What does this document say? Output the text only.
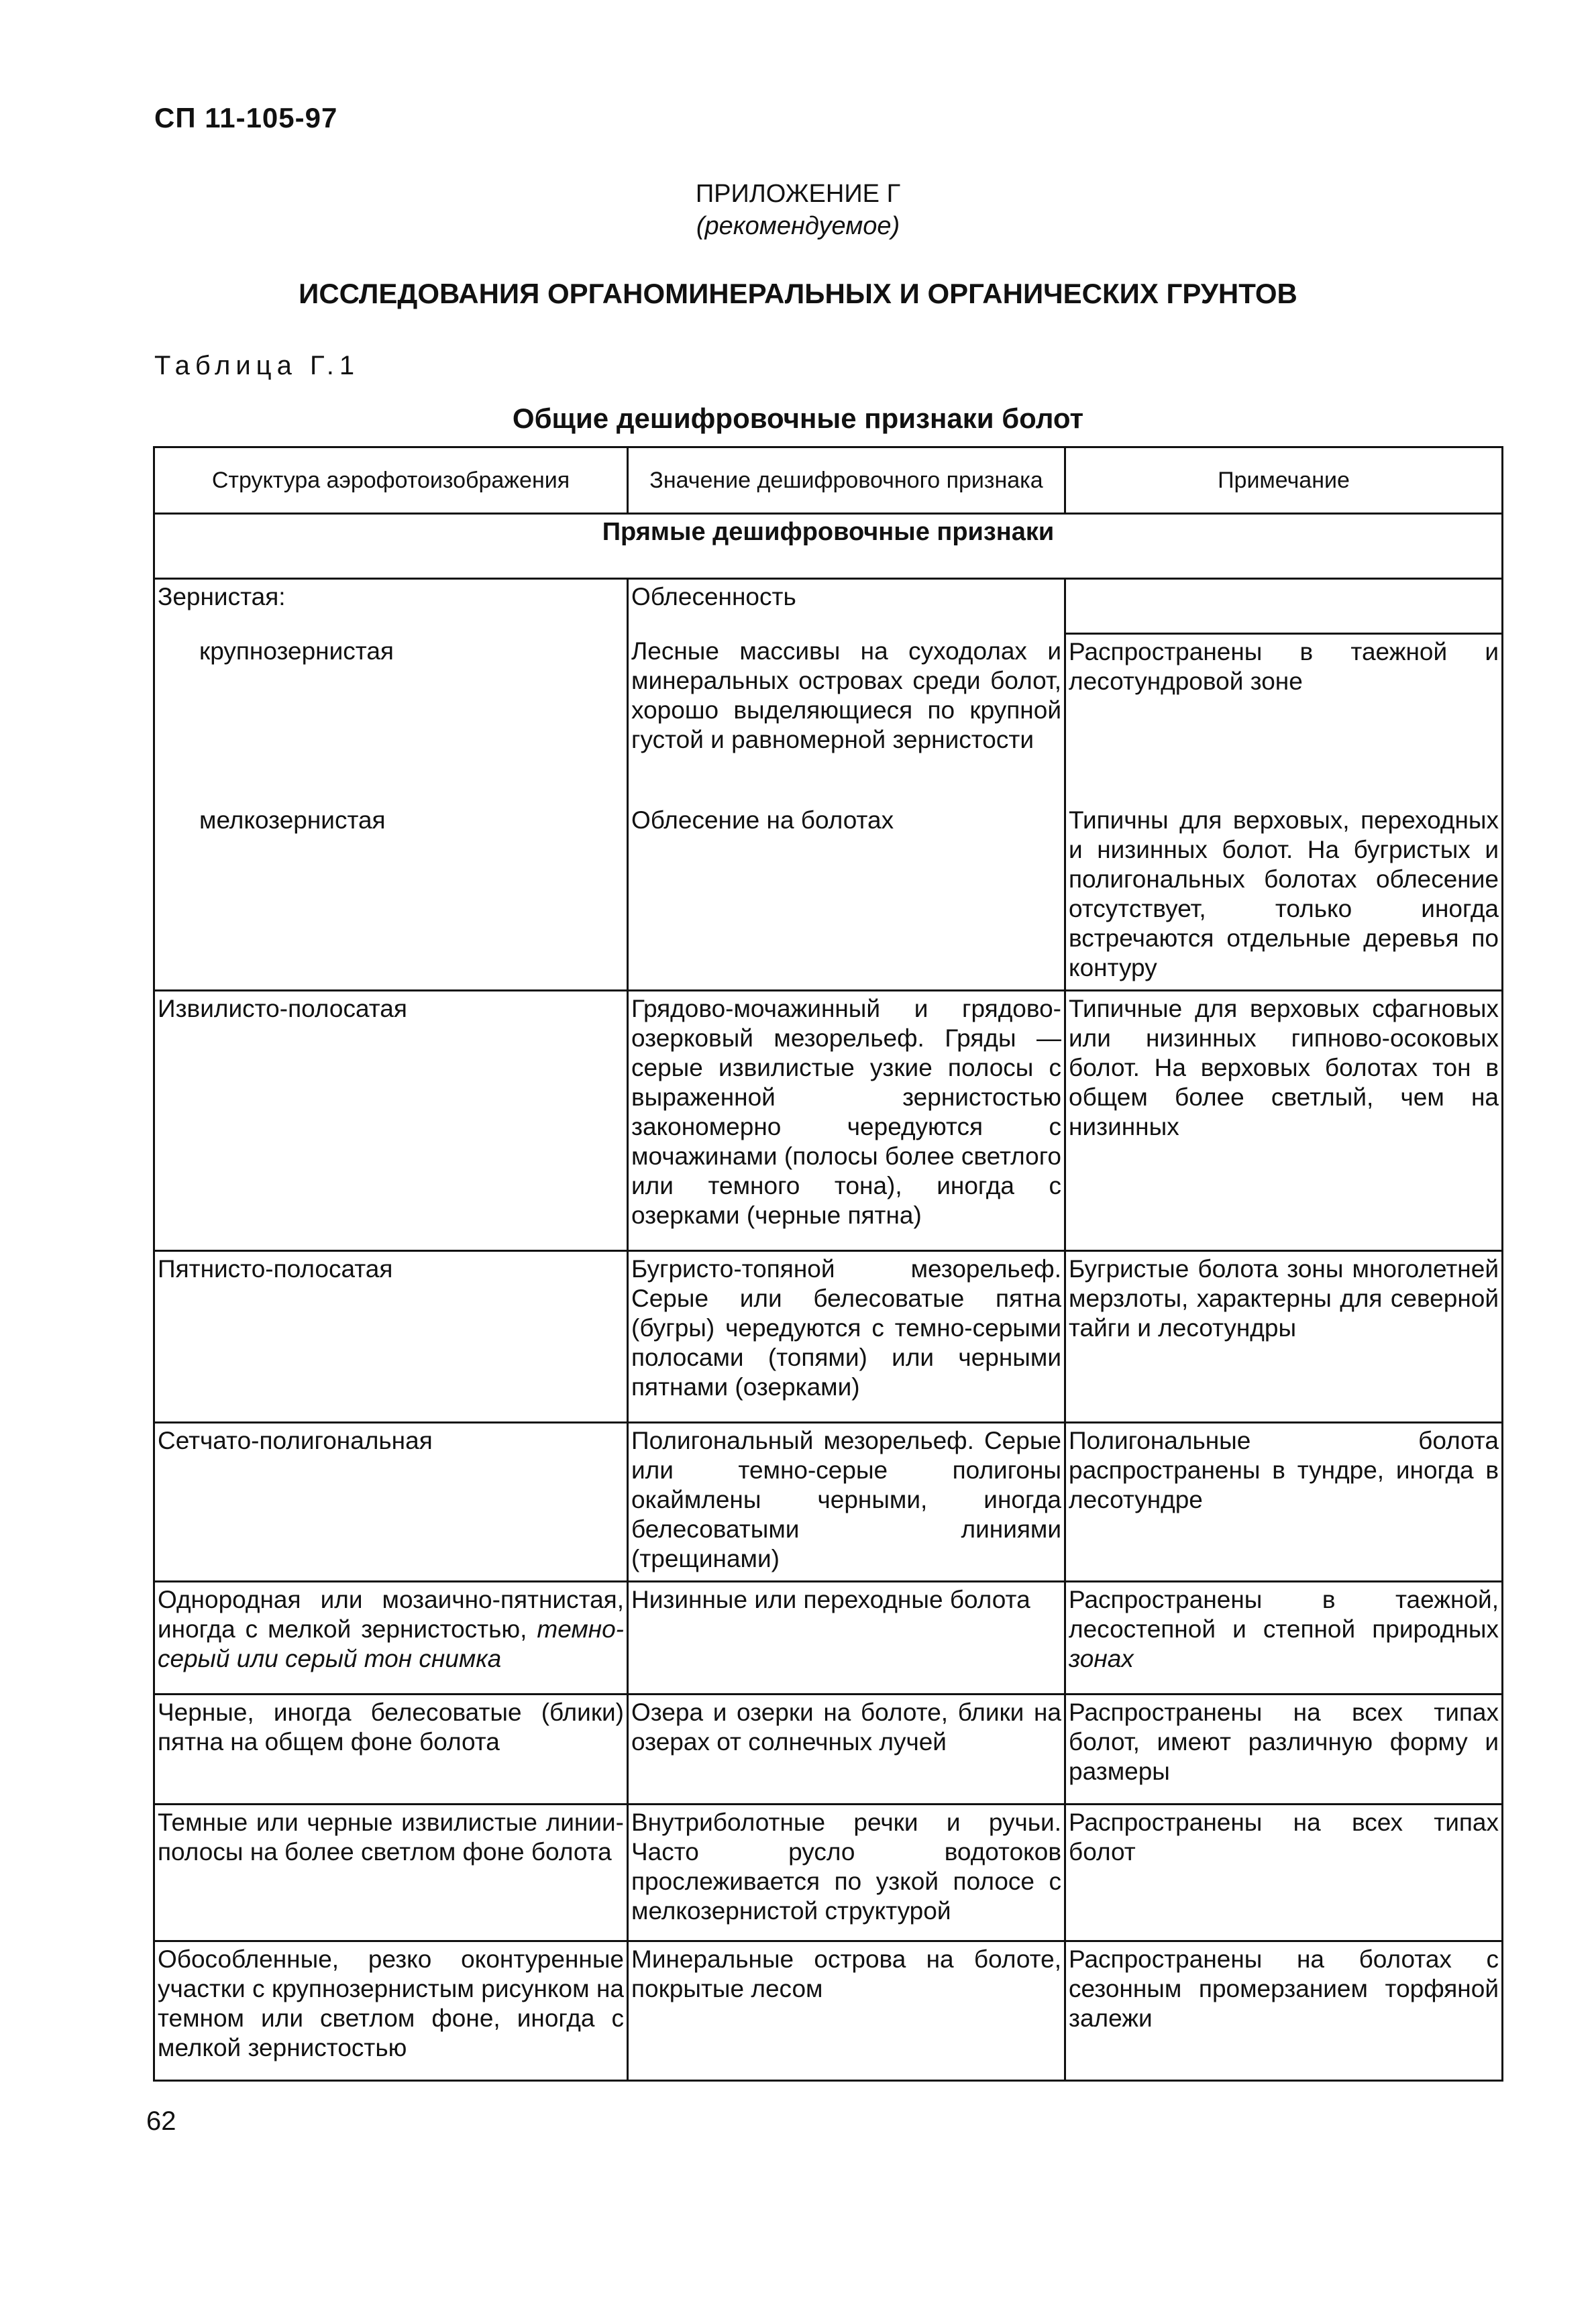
СП 11-105-97
ПРИЛОЖЕНИЕ Г
(рекомендуемое)
ИССЛЕДОВАНИЯ ОРГАНОМИНЕРАЛЬНЫХ И ОРГАНИЧЕСКИХ ГРУНТОВ
Таблица Г.1
Общие дешифровочные признаки болот
Структура аэрофотоизображения	Значение дешифровочного признака	Примечание
Прямые дешифровочные признаки		
Зернистая:	Облесенность	

крупнозернистая	Лесные массивы на суходолах и минеральных островах среди болот, хорошо выделяющиеся по крупной густой и равномерной зернистости	Распространены в таежной и лесотундровой зоне

мелкозернистая	Облесение на болотах	Типичны для верховых, переходных и низинных болот. На бугристых и полигональных болотах облесение отсутствует, только иногда встречаются отдельные деревья по контуру
Извилисто-полосатая	Грядово-мочажинный и грядово-озерковый мезорельеф. Гряды — серые извилистые узкие полосы с выраженной зернистостью закономерно чередуются с мочажинами (полосы более светлого или темного тона), иногда с озерками (черные пятна)	Типичные для верховых сфагновых или низинных гипново-осоковых болот. На верховых болотах тон в общем более светлый, чем на низинных
Пятнисто-полосатая	Бугристо-топяной мезорельеф. Серые или белесоватые пятна (бугры) чередуются с темно-серыми полосами (топями) или черными пятнами (озерками)	Бугристые болота зоны многолетней мерзлоты, характерны для северной тайги и лесотундры
Сетчато-полигональная	Полигональный мезорельеф. Серые или темно-серые полигоны окаймлены черными, иногда белесоватыми линиями (трещинами)	Полигональные болота распространены в тундре, иногда в лесотундре
Однородная или мозаично-пятнистая, иногда с мелкой зернистостью, темно-серый или серый тон снимка	Низинные или переходные болота	Распространены в таежной, лесостепной и степной природных зонах
Черные, иногда белесоватые (блики) пятна на общем фоне болота	Озера и озерки на болоте, блики на озерах от солнечных лучей	Распространены на всех типах болот, имеют различную форму и размеры
Темные или черные извилистые линии-полосы на более светлом фоне болота	Внутриболотные речки и ручьи. Часто русло водотоков прослеживается по узкой полосе с мелкозернистой структурой	Распространены на всех типах болот
Обособленные, резко оконтуренные участки с крупнозернистым рисунком на темном или светлом фоне, иногда с мелкой зернистостью	Минеральные острова на болоте, покрытые лесом	Распространены на болотах с сезонным промерзанием торфяной залежи
62
